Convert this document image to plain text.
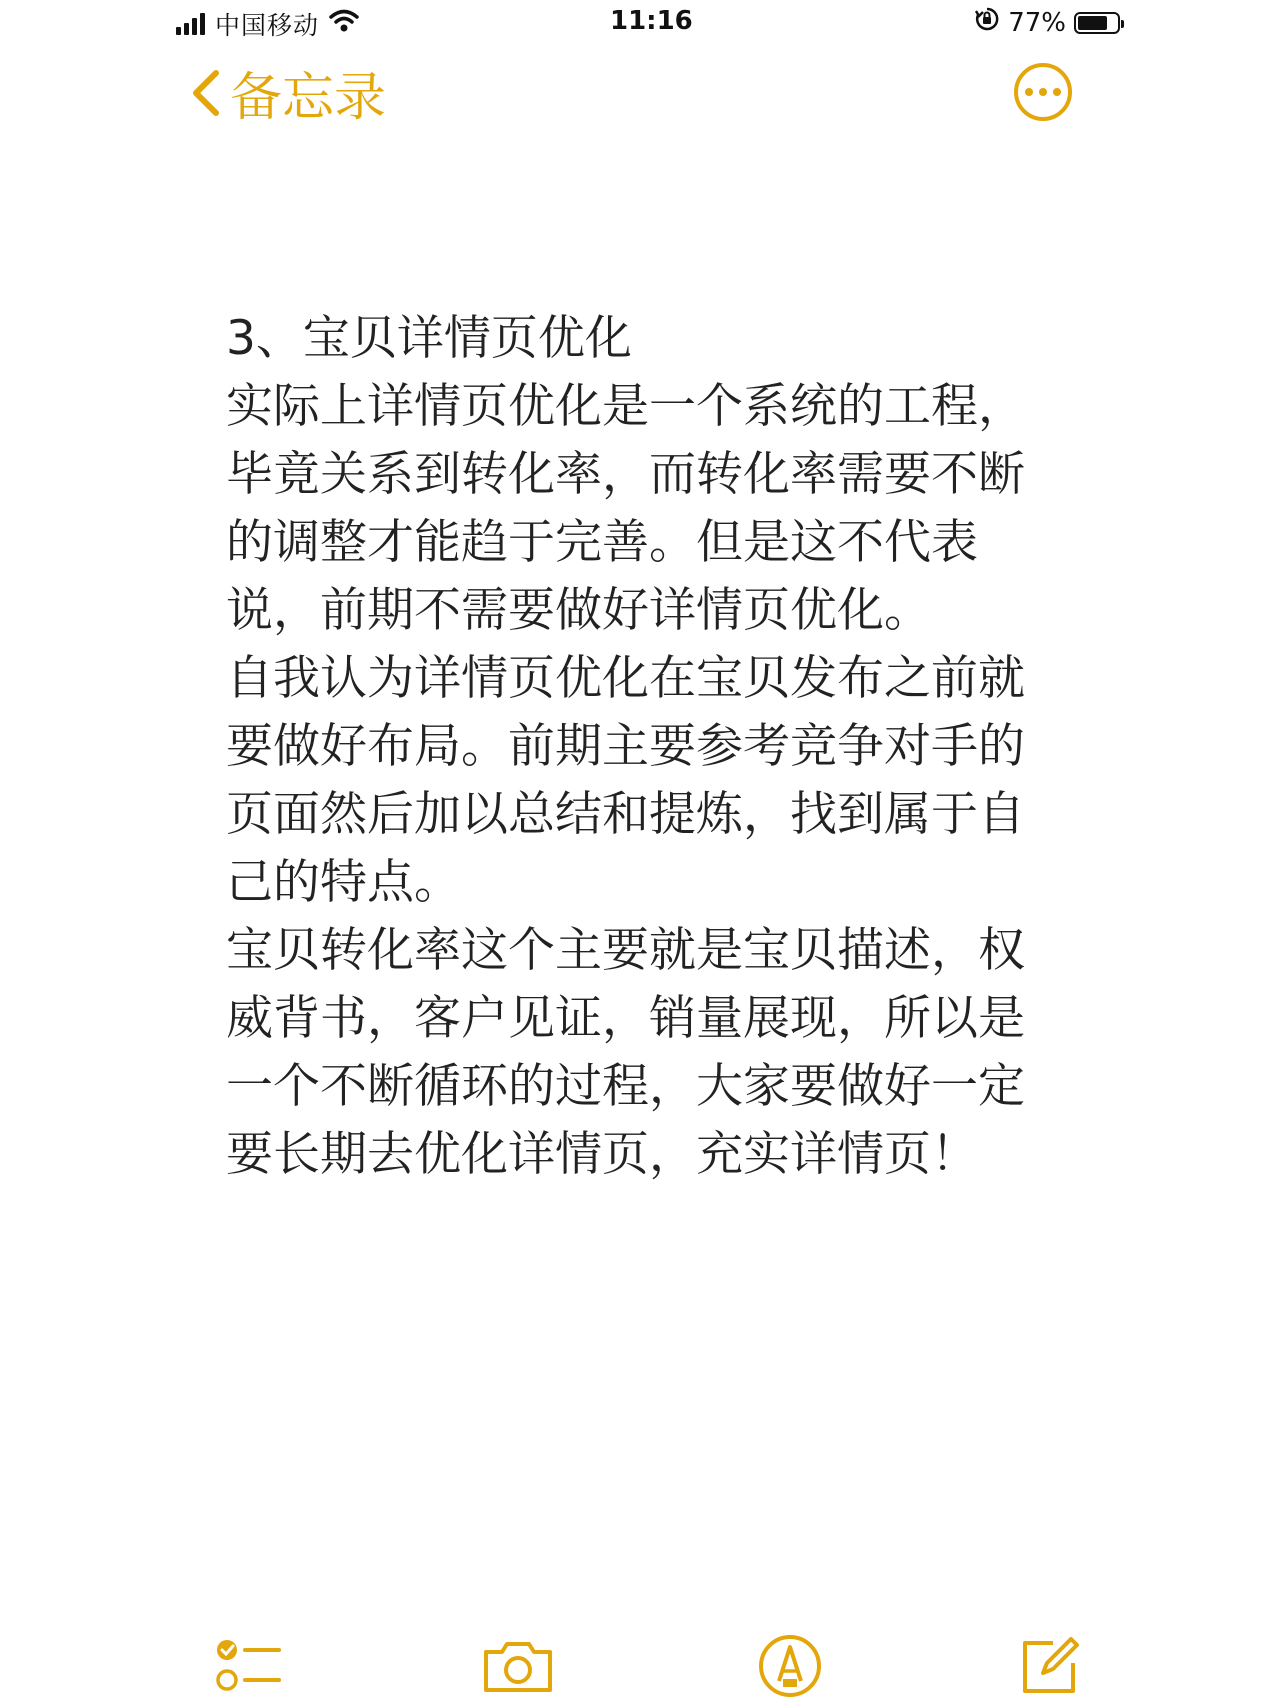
中国移动	11:16	77%
备忘录

3、宝贝详情页优化

实际上详情页优化是一个系统的工程，毕竟关系到转化率，而转化率需要不断的调整才能趋于完善。但是这不代表说，前期不需要做好详情页优化。

自我认为详情页优化在宝贝发布之前就要做好布局。前期主要参考竞争对手的页面然后加以总结和提炼，找到属于自己的特点。

宝贝转化率这个主要就是宝贝描述，权威背书，客户见证，销量展现，所以是一个不断循环的过程，大家要做好一定要长期去优化详情页，充实详情页！
